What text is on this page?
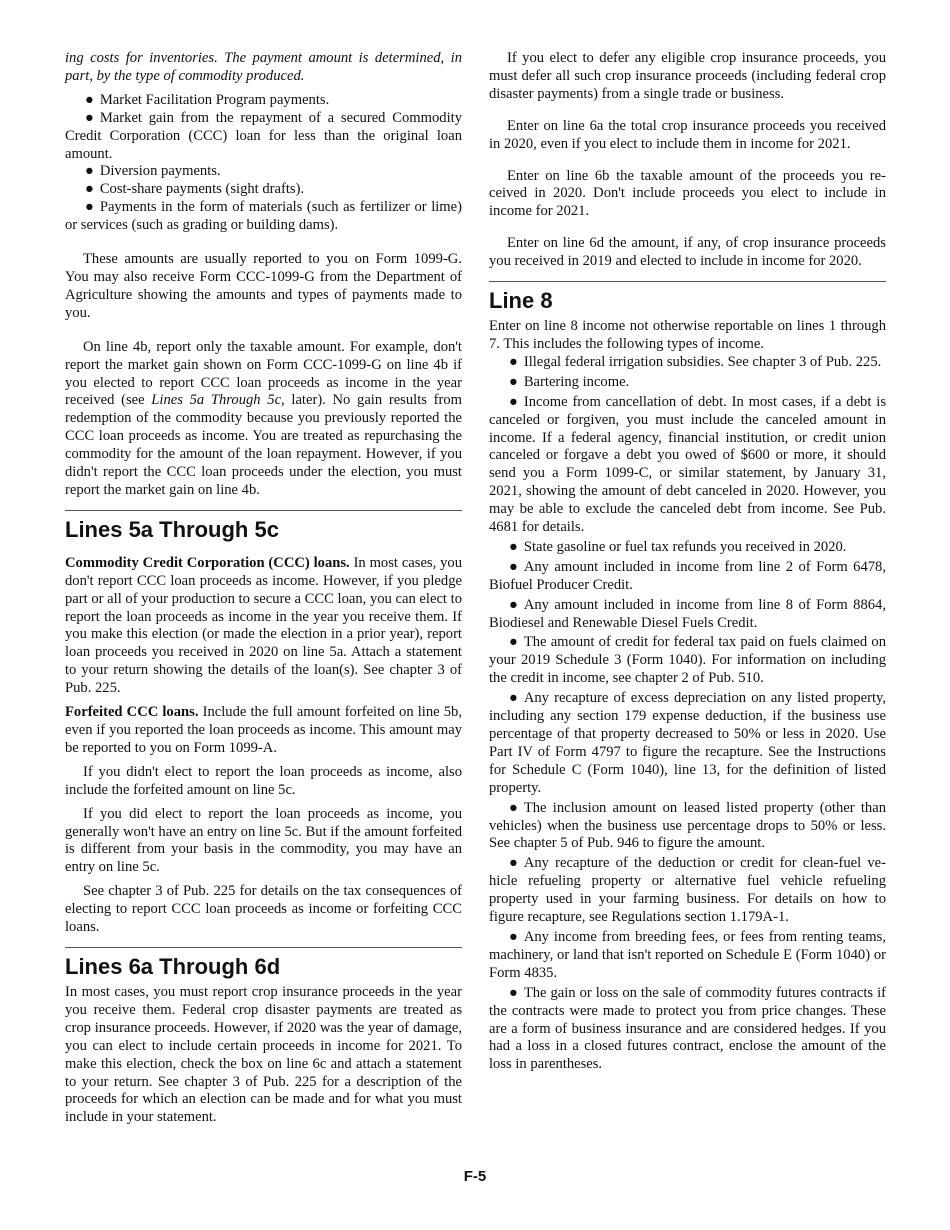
ing costs for inventories. The payment amount is determined, in part, by the type of commodity produced.

● Market Facilitation Program payments.

● Market gain from the repayment of a secured Commodity Credit Corporation (CCC) loan for less than the original loan amount.

● Diversion payments.

● Cost-share payments (sight drafts).

● Payments in the form of materials (such as fertilizer or lime) or services (such as grading or building dams).

These amounts are usually reported to you on Form 1099-G. You may also receive Form CCC-1099-G from the Department of Agriculture showing the amounts and types of payments made to you.

On line 4b, report only the taxable amount. For example, don't report the market gain shown on Form CCC-1099-G on line 4b if you elected to report CCC loan proceeds as income in the year received (see Lines 5a Through 5c, later). No gain results from redemption of the commodity because you previously reported the CCC loan proceeds as income. You are treated as repurchasing the commodity for the amount of the loan repayment. However, if you didn't report the CCC loan proceeds under the election, you must report the market gain on line 4b.

Lines 5a Through 5c

Commodity Credit Corporation (CCC) loans. In most cases, you don't report CCC loan proceeds as income. However, if you pledge part or all of your production to secure a CCC loan, you can elect to report the loan proceeds as income in the year you receive them. If you make this election (or made the election in a prior year), report loan proceeds you received in 2020 on line 5a. Attach a statement to your return showing the details of the loan(s). See chapter 3 of Pub. 225.

Forfeited CCC loans. Include the full amount forfeited on line 5b, even if you reported the loan proceeds as income. This amount may be reported to you on Form 1099-A.

If you didn't elect to report the loan proceeds as income, also include the forfeited amount on line 5c.

If you did elect to report the loan proceeds as income, you generally won't have an entry on line 5c. But if the amount forfeited is different from your basis in the commodity, you may have an entry on line 5c.

See chapter 3 of Pub. 225 for details on the tax consequences of electing to report CCC loan proceeds as income or forfeiting CCC loans.

Lines 6a Through 6d

In most cases, you must report crop insurance proceeds in the year you receive them. Federal crop disaster payments are treated as crop insurance proceeds. However, if 2020 was the year of damage, you can elect to include certain proceeds in income for 2021. To make this election, check the box on line 6c and attach a statement to your return. See chapter 3 of Pub. 225 for a description of the proceeds for which an election can be made and for what you must include in your statement.

If you elect to defer any eligible crop insurance proceeds, you must defer all such crop insurance proceeds (including federal crop disaster payments) from a single trade or business.

Enter on line 6a the total crop insurance proceeds you received in 2020, even if you elect to include them in income for 2021.

Enter on line 6b the taxable amount of the proceeds you received in 2020. Don't include proceeds you elect to include in income for 2021.

Enter on line 6d the amount, if any, of crop insurance proceeds you received in 2019 and elected to include in income for 2020.

Line 8

Enter on line 8 income not otherwise reportable on lines 1 through 7. This includes the following types of income.

● Illegal federal irrigation subsidies. See chapter 3 of Pub. 225.

● Bartering income.

● Income from cancellation of debt. In most cases, if a debt is canceled or forgiven, you must include the canceled amount in income. If a federal agency, financial institution, or credit union canceled or forgave a debt you owed of $600 or more, it should send you a Form 1099-C, or similar statement, by January 31, 2021, showing the amount of debt canceled in 2020. However, you may be able to exclude the canceled debt from income. See Pub. 4681 for details.

● State gasoline or fuel tax refunds you received in 2020.

● Any amount included in income from line 2 of Form 6478, Biofuel Producer Credit.

● Any amount included in income from line 8 of Form 8864, Biodiesel and Renewable Diesel Fuels Credit.

● The amount of credit for federal tax paid on fuels claimed on your 2019 Schedule 3 (Form 1040). For information on including the credit in income, see chapter 2 of Pub. 510.

● Any recapture of excess depreciation on any listed property, including any section 179 expense deduction, if the business use percentage of that property decreased to 50% or less in 2020. Use Part IV of Form 4797 to figure the recapture. See the Instructions for Schedule C (Form 1040), line 13, for the definition of listed property.

● The inclusion amount on leased listed property (other than vehicles) when the business use percentage drops to 50% or less. See chapter 5 of Pub. 946 to figure the amount.

● Any recapture of the deduction or credit for clean-fuel vehicle refueling property or alternative fuel vehicle refueling property used in your farming business. For details on how to figure recapture, see Regulations section 1.179A-1.

● Any income from breeding fees, or fees from renting teams, machinery, or land that isn't reported on Schedule E (Form 1040) or Form 4835.

● The gain or loss on the sale of commodity futures contracts if the contracts were made to protect you from price changes. These are a form of business insurance and are considered hedges. If you had a loss in a closed futures contract, enclose the amount of the loss in parentheses.

F-5
